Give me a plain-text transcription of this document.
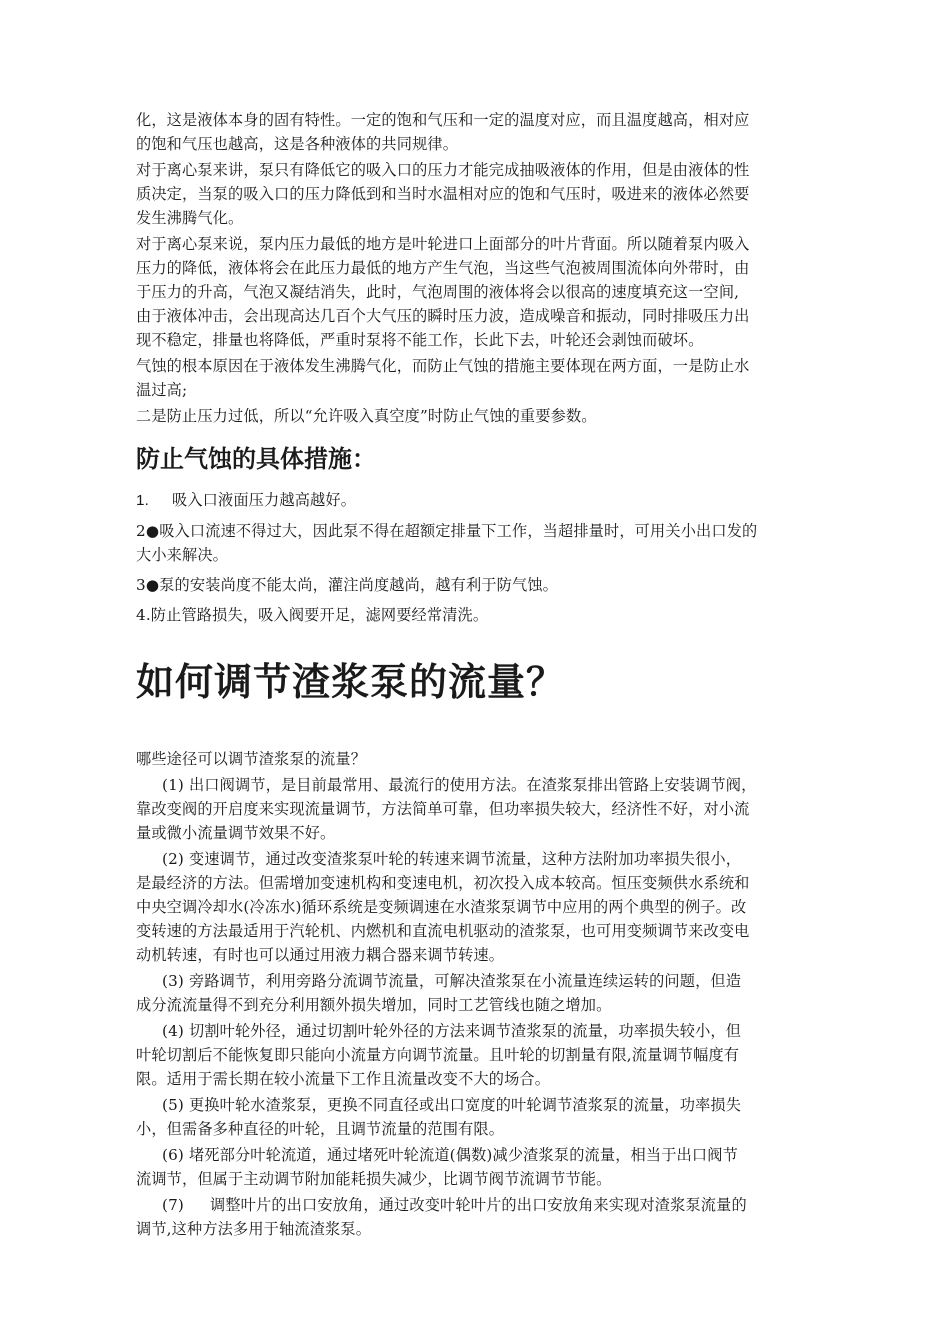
化，这是液体本身的固有特性。一定的饱和气压和一定的温度对应，而且温度越高，相对应

的饱和气压也越高，这是各种液体的共同规律。

对于离心泵来讲，泵只有降低它的吸入口的压力才能完成抽吸液体的作用，但是由液体的性

质决定，当泵的吸入口的压力降低到和当时水温相对应的饱和气压时，吸进来的液体必然要

发生沸腾气化。

对于离心泵来说，泵内压力最低的地方是叶轮进口上面部分的叶片背面。所以随着泵内吸入

压力的降低，液体将会在此压力最低的地方产生气泡，当这些气泡被周围流体向外带时，由

于压力的升高，气泡又凝结消失，此时，气泡周围的液体将会以很高的速度填充这一空间,

由于液体冲击，会出现高达几百个大气压的瞬时压力波，造成噪音和振动，同时排吸压力出

现不稳定，排量也将降低，严重时泵将不能工作，长此下去，叶轮还会剥蚀而破坏。

气蚀的根本原因在于液体发生沸腾气化，而防止气蚀的措施主要体现在两方面，一是防止水

温过高;

二是防止压力过低，所以“允许吸入真空度”时防止气蚀的重要参数。

防止气蚀的具体措施：

1. 吸入口液面压力越高越好。

2●吸入口流速不得过大，因此泵不得在超额定排量下工作，当超排量时，可用关小出口发的

大小来解决。

3●泵的安装尚度不能太尚，灌注尚度越尚，越有利于防气蚀。

4.防止管路损失，吸入阀要开足，滤网要经常清洗。

如何调节渣浆泵的流量？

哪些途径可以调节渣浆泵的流量？

(1) 出口阀调节，是目前最常用、最流行的使用方法。在渣浆泵排出管路上安装调节阀，

靠改变阀的开启度来实现流量调节，方法简单可靠，但功率损失较大，经济性不好，对小流

量或微小流量调节效果不好。

(2) 变速调节，通过改变渣浆泵叶轮的转速来调节流量，这种方法附加功率损失很小，

是最经济的方法。但需增加变速机构和变速电机，初次投入成本较高。恒压变频供水系统和

中央空调冷却水(冷冻水)循环系统是变频调速在水渣浆泵调节中应用的两个典型的例子。改

变转速的方法最适用于汽轮机、内燃机和直流电机驱动的渣浆泵，也可用变频调节来改变电

动机转速，有时也可以通过用液力耦合器来调节转速。

(3) 旁路调节，利用旁路分流调节流量，可解决渣浆泵在小流量连续运转的问题，但造

成分流流量得不到充分利用额外损失增加，同时工艺管线也随之增加。

(4) 切割叶轮外径，通过切割叶轮外径的方法来调节渣浆泵的流量，功率损失较小，但

叶轮切割后不能恢复即只能向小流量方向调节流量。且叶轮的切割量有限,流量调节幅度有

限。适用于需长期在较小流量下工作且流量改变不大的场合。

(5) 更换叶轮水渣浆泵，更换不同直径或出口宽度的叶轮调节渣浆泵的流量，功率损失

小，但需备多种直径的叶轮，且调节流量的范围有限。

(6) 堵死部分叶轮流道，通过堵死叶轮流道(偶数)减少渣浆泵的流量，相当于出口阀节

流调节，但属于主动调节附加能耗损失减少，比调节阀节流调节节能。

(7) 调整叶片的出口安放角，通过改变叶轮叶片的出口安放角来实现对渣浆泵流量的

调节,这种方法多用于轴流渣浆泵。
